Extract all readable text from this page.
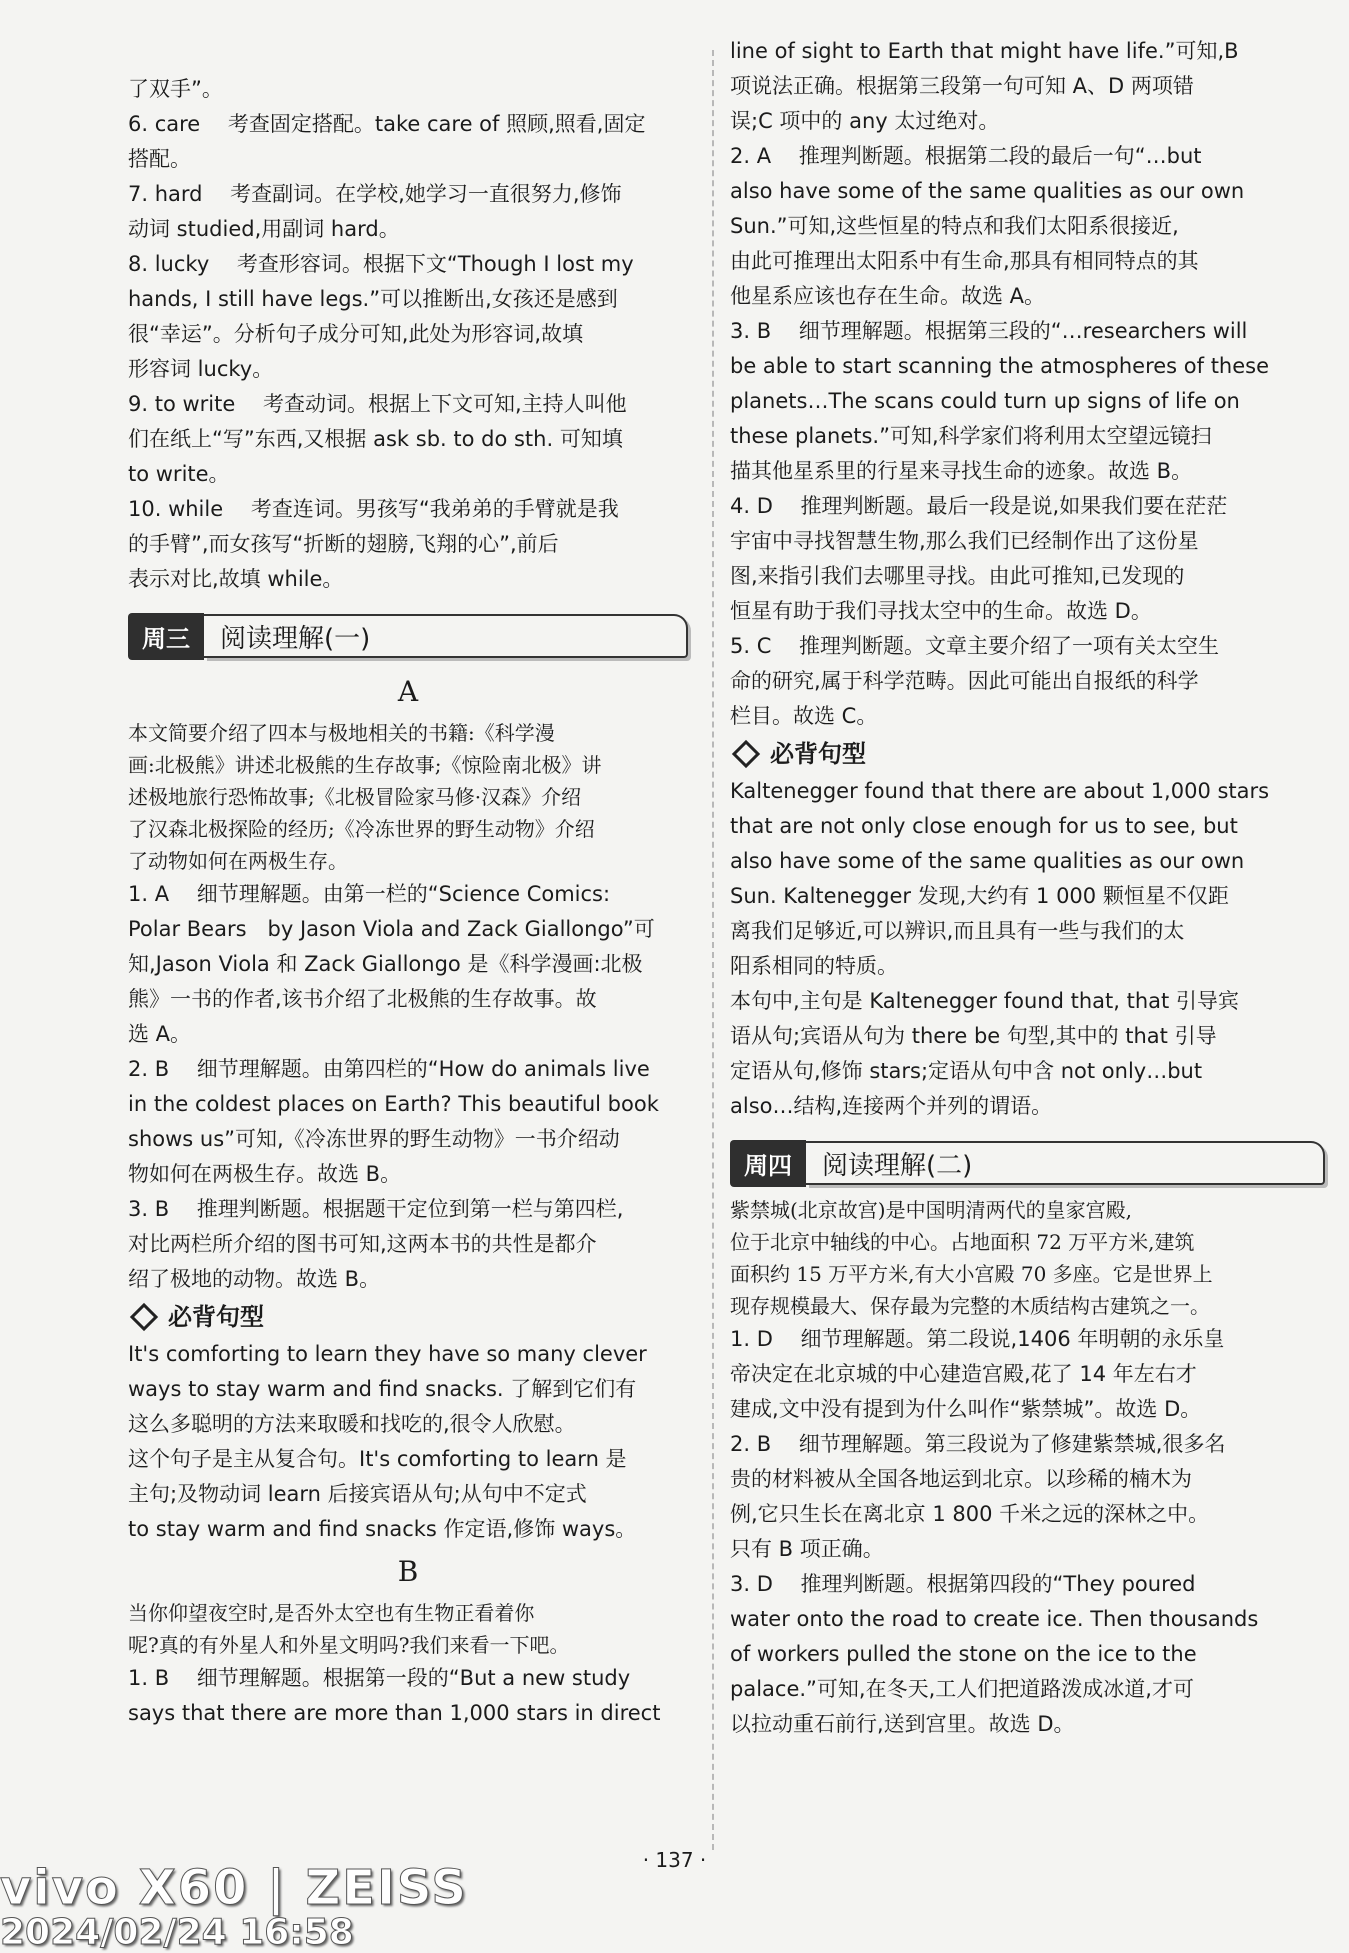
了双手”。
6. care　 考查固定搭配。take care of 照顾,照看,固定
搭配。
7. hard　 考查副词。在学校,她学习一直很努力,修饰
动词 studied,用副词 hard。
8. lucky　 考查形容词。根据下文“Though I lost my
hands, I still have legs.”可以推断出,女孩还是感到
很“幸运”。分析句子成分可知,此处为形容词,故填
形容词 lucky。
9. to write　 考查动词。根据上下文可知,主持人叫他
们在纸上“写”东西,又根据 ask sb. to do sth. 可知填
to write。
10. while　 考查连词。男孩写“我弟弟的手臂就是我
的手臂”,而女孩写“折断的翅膀,飞翔的心”,前后
表示对比,故填 while。
周三	阅读理解(一)
A
本文简要介绍了四本与极地相关的书籍:《科学漫
画:北极熊》讲述北极熊的生存故事;《惊险南北极》讲
述极地旅行恐怖故事;《北极冒险家马修·汉森》介绍
了汉森北极探险的经历;《冷冻世界的野生动物》介绍
了动物如何在两极生存。
1. A　 细节理解题。由第一栏的“Science Comics:
Polar Bears　by Jason Viola and Zack Giallongo”可
知,Jason Viola 和 Zack Giallongo 是《科学漫画:北极
熊》一书的作者,该书介绍了北极熊的生存故事。故
选 A。
2. B　 细节理解题。由第四栏的“How do animals live
in the coldest places on Earth? This beautiful book
shows us”可知,《冷冻世界的野生动物》一书介绍动
物如何在两极生存。故选 B。
3. B　 推理判断题。根据题干定位到第一栏与第四栏,
对比两栏所介绍的图书可知,这两本书的共性是都介
绍了极地的动物。故选 B。
必背句型
It's comforting to learn they have so many clever
ways to stay warm and find snacks. 了解到它们有
这么多聪明的方法来取暖和找吃的,很令人欣慰。
这个句子是主从复合句。It's comforting to learn 是
主句;及物动词 learn 后接宾语从句;从句中不定式
to stay warm and find snacks 作定语,修饰 ways。
B
当你仰望夜空时,是否外太空也有生物正看着你
呢?真的有外星人和外星文明吗?我们来看一下吧。
1. B　 细节理解题。根据第一段的“But a new study
says that there are more than 1,000 stars in direct
line of sight to Earth that might have life.”可知,B
项说法正确。根据第三段第一句可知 A、D 两项错
误;C 项中的 any 太过绝对。
2. A　 推理判断题。根据第二段的最后一句“…but
also have some of the same qualities as our own
Sun.”可知,这些恒星的特点和我们太阳系很接近,
由此可推理出太阳系中有生命,那具有相同特点的其
他星系应该也存在生命。故选 A。
3. B　 细节理解题。根据第三段的“…researchers will
be able to start scanning the atmospheres of these
planets…The scans could turn up signs of life on
these planets.”可知,科学家们将利用太空望远镜扫
描其他星系里的行星来寻找生命的迹象。故选 B。
4. D　 推理判断题。最后一段是说,如果我们要在茫茫
宇宙中寻找智慧生物,那么我们已经制作出了这份星
图,来指引我们去哪里寻找。由此可推知,已发现的
恒星有助于我们寻找太空中的生命。故选 D。
5. C　 推理判断题。文章主要介绍了一项有关太空生
命的研究,属于科学范畴。因此可能出自报纸的科学
栏目。故选 C。
必背句型
Kaltenegger found that there are about 1,000 stars
that are not only close enough for us to see, but
also have some of the same qualities as our own
Sun. Kaltenegger 发现,大约有 1 000 颗恒星不仅距
离我们足够近,可以辨识,而且具有一些与我们的太
阳系相同的特质。
本句中,主句是 Kaltenegger found that, that 引导宾
语从句;宾语从句为 there be 句型,其中的 that 引导
定语从句,修饰 stars;定语从句中含 not only…but
also…结构,连接两个并列的谓语。
周四	阅读理解(二)
紫禁城(北京故宫)是中国明清两代的皇家宫殿,
位于北京中轴线的中心。占地面积 72 万平方米,建筑
面积约 15 万平方米,有大小宫殿 70 多座。它是世界上
现存规模最大、保存最为完整的木质结构古建筑之一。
1. D　 细节理解题。第二段说,1406 年明朝的永乐皇
帝决定在北京城的中心建造宫殿,花了 14 年左右才
建成,文中没有提到为什么叫作“紫禁城”。故选 D。
2. B　 细节理解题。第三段说为了修建紫禁城,很多名
贵的材料被从全国各地运到北京。以珍稀的楠木为
例,它只生长在离北京 1 800 千米之远的深林之中。
只有 B 项正确。
3. D　 推理判断题。根据第四段的“They poured
water onto the road to create ice. Then thousands
of workers pulled the stone on the ice to the
palace.”可知,在冬天,工人们把道路泼成冰道,才可
以拉动重石前行,送到宫里。故选 D。
· 137 ·
vivo X60 | ZEISS
2024/02/24 16:58
